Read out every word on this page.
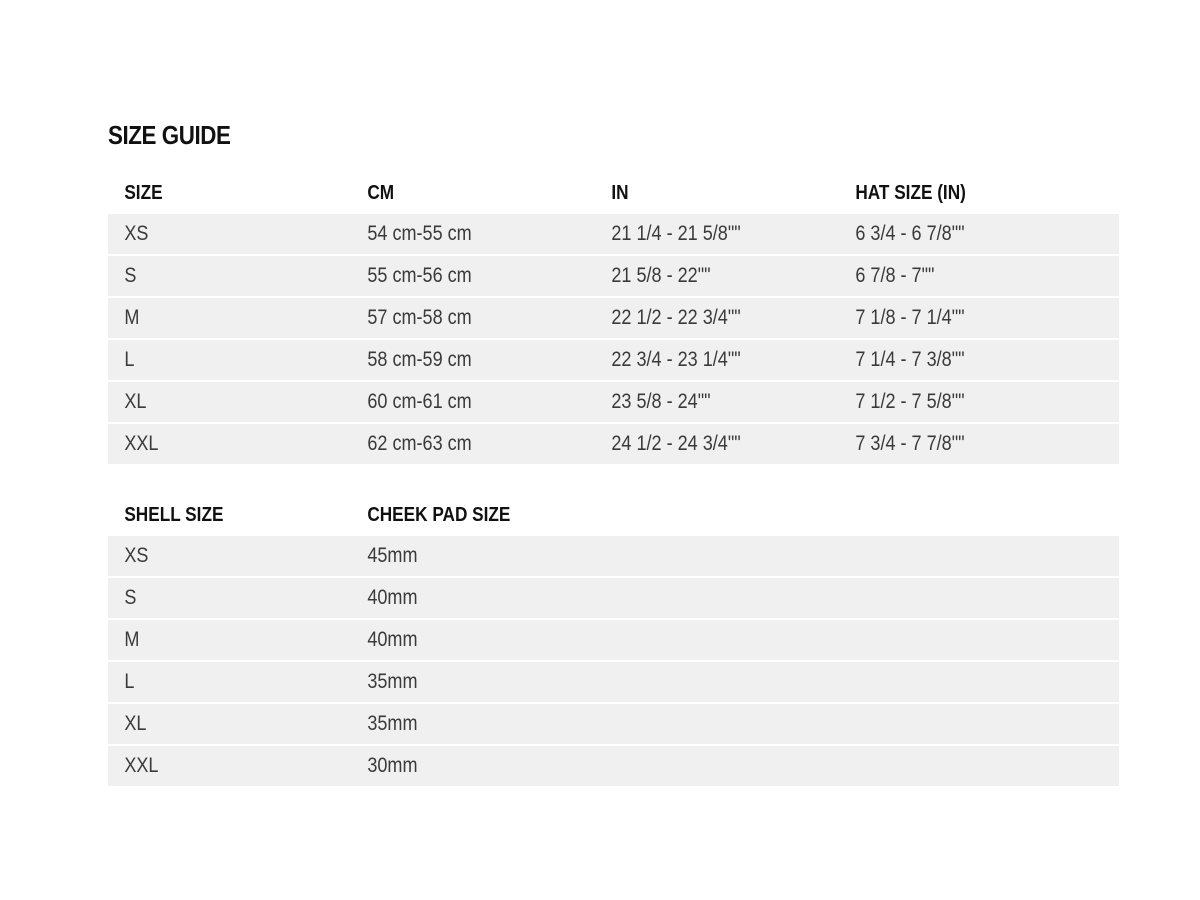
SIZE GUIDE
SIZE	CM	IN	HAT SIZE (IN)
XS	54 cm-55 cm	21 1/4 - 21 5/8""	6 3/4 - 6 7/8""
S	55 cm-56 cm	21 5/8 - 22""	6 7/8 - 7""
M	57 cm-58 cm	22 1/2 - 22 3/4""	7 1/8 - 7 1/4""
L	58 cm-59 cm	22 3/4 - 23 1/4""	7 1/4 - 7 3/8""
XL	60 cm-61 cm	23 5/8 - 24""	7 1/2 - 7 5/8""
XXL	62 cm-63 cm	24 1/2 - 24 3/4""	7 3/4 - 7 7/8""
SHELL SIZE	CHEEK PAD SIZE
XS	45mm
S	40mm
M	40mm
L	35mm
XL	35mm
XXL	30mm
